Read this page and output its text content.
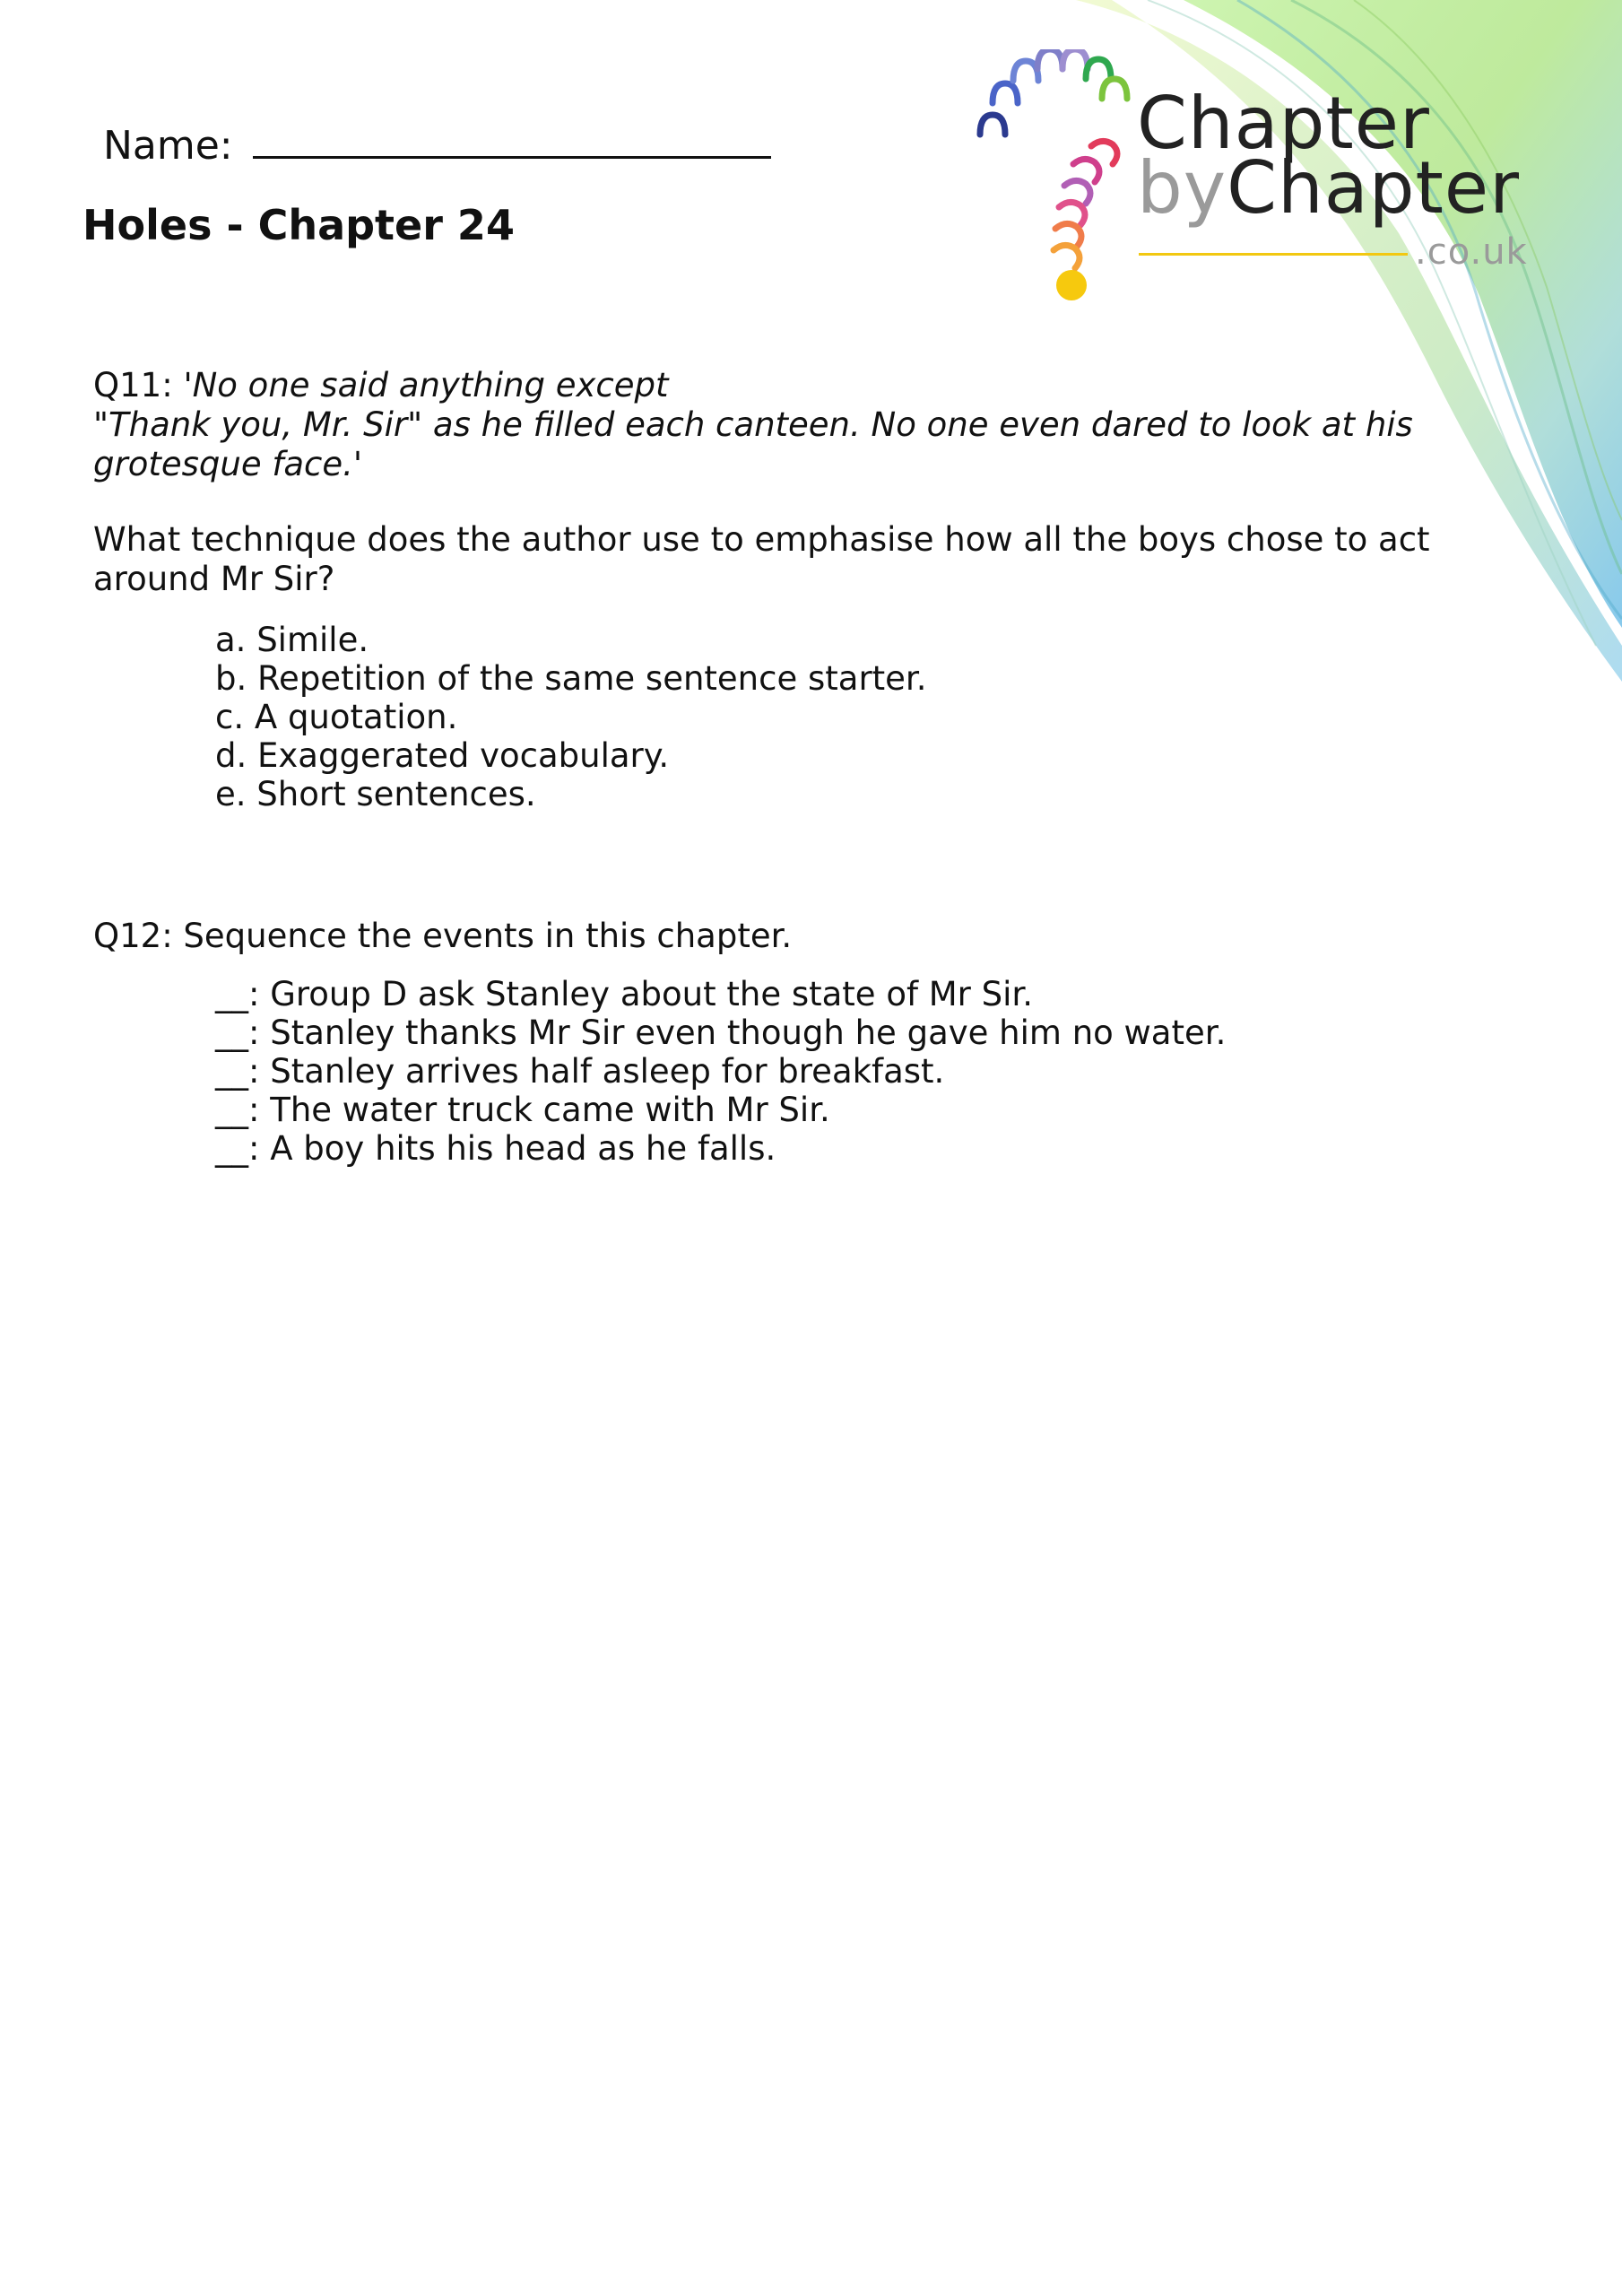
Chapter
byChapter
.co.uk
Name:
Holes - Chapter 24
Q11: 'No one said anything except
"Thank you, Mr. Sir" as he filled each canteen. No one even dared to look at his grotesque face.'
What technique does the author use to emphasise how all the boys chose to act around Mr Sir?
a. Simile.
b. Repetition of the same sentence starter.
c. A quotation.
d. Exaggerated vocabulary.
e. Short sentences.
Q12: Sequence the events in this chapter.
__: Group D ask Stanley about the state of Mr Sir.
__: Stanley thanks Mr Sir even though he gave him no water.
__: Stanley arrives half asleep for breakfast.
__: The water truck came with Mr Sir.
__: A boy hits his head as he falls.
